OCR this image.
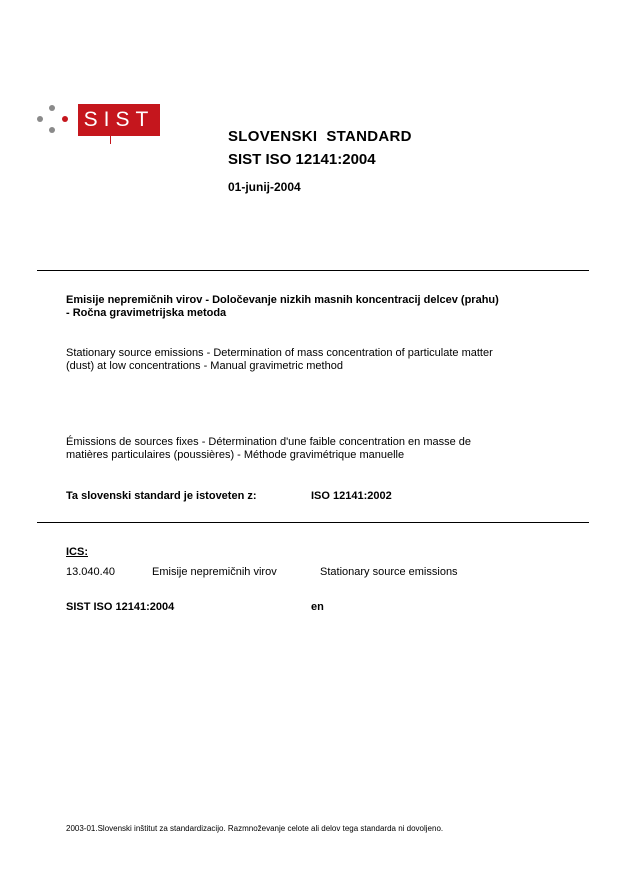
SIST
SLOVENSKI  STANDARD
SIST ISO 12141:2004
01-junij-2004
Emisije nepremičnih virov - Določevanje nizkih masnih koncentracij delcev (prahu)
- Ročna gravimetrijska metoda
Stationary source emissions - Determination of mass concentration of particulate matter
(dust) at low concentrations - Manual gravimetric method
Émissions de sources fixes - Détermination d'une faible concentration en masse de
matières particulaires (poussières) - Méthode gravimétrique manuelle
Ta slovenski standard je istoveten z:	ISO 12141:2002
ICS:
13.040.40	Emisije nepremičnih virov	Stationary source emissions
SIST ISO 12141:2004	en
2003-01.Slovenski inštitut za standardizacijo. Razmnoževanje celote ali delov tega standarda ni dovoljeno.
